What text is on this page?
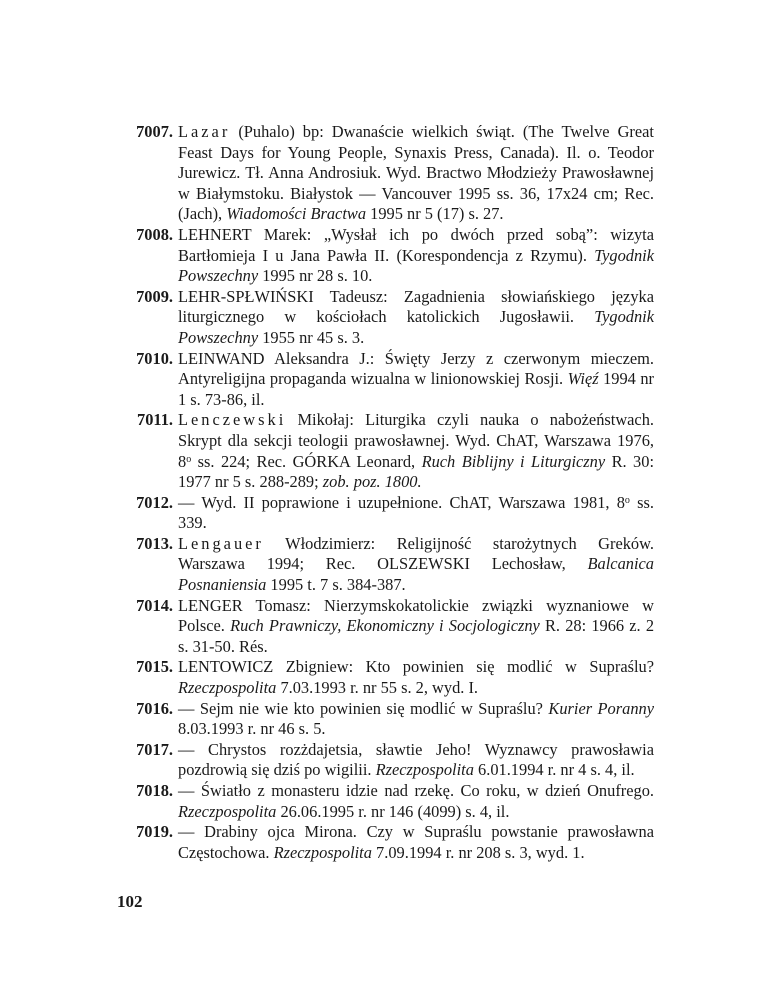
7007. Lazar (Puhalo) bp: Dwanaście wielkich świąt. (The Twelve Great Feast Days for Young People, Synaxis Press, Canada). Il. o. Teodor Jurewicz. Tł. Anna Androsiuk. Wyd. Bractwo Młodzieży Prawosławnej w Białymstoku. Białystok — Vancouver 1995 ss. 36, 17x24 cm; Rec. (Jach), Wiadomości Bractwa 1995 nr 5 (17) s. 27.

7008. LEHNERT Marek: „Wysłał ich po dwóch przed sobą”: wizyta Bartłomieja I u Jana Pawła II. (Korespondencja z Rzymu). Tygodnik Powszechny 1995 nr 28 s. 10.

7009. LEHR-SPŁWIŃSKI Tadeusz: Zagadnienia słowiańskiego języka liturgicznego w kościołach katolickich Jugosławii. Tygodnik Powszechny 1955 nr 45 s. 3.

7010. LEINWAND Aleksandra J.: Święty Jerzy z czerwonym mieczem. Antyreligijna propaganda wizualna w linionowskiej Rosji. Więź 1994 nr 1 s. 73-86, il.

7011. Lenczewski Mikołaj: Liturgika czyli nauka o nabożeństwach. Skrypt dla sekcji teologii prawosławnej. Wyd. ChAT, Warszawa 1976, 8$^o$ ss. 224; Rec. GÓRKA Leonard, Ruch Biblijny i Liturgiczny R. 30: 1977 nr 5 s. 288-289; zob. poz. 1800.

7012. — Wyd. II poprawione i uzupełnione. ChAT, Warszawa 1981, 8$^o$ ss. 339.

7013. Lengauer Włodzimierz: Religijność starożytnych Greków. Warszawa 1994; Rec. OLSZEWSKI Lechosław, Balcanica Posnaniensia 1995 t. 7 s. 384-387.

7014. LENGER Tomasz: Nierzymskokatolickie związki wyznaniowe w Polsce. Ruch Prawniczy, Ekonomiczny i Socjologiczny R. 28: 1966 z. 2 s. 31-50. Rés.

7015. LENTOWICZ Zbigniew: Kto powinien się modlić w Supraślu? Rzeczpospolita 7.03.1993 r. nr 55 s. 2, wyd. I.

7016. — Sejm nie wie kto powinien się modlić w Supraślu? Kurier Poranny 8.03.1993 r. nr 46 s. 5.

7017. — Chrystos rozżdajetsia, sławtie Jeho! Wyznawcy prawosławia pozdrowią się dziś po wigilii. Rzeczpospolita 6.01.1994 r. nr 4 s. 4, il.

7018. — Światło z monasteru idzie nad rzekę. Co roku, w dzień Onufrego. Rzeczpospolita 26.06.1995 r. nr 146 (4099) s. 4, il.

7019. — Drabiny ojca Mirona. Czy w Supraślu powstanie prawosławna Częstochowa. Rzeczpospolita 7.09.1994 r. nr 208 s. 3, wyd. 1.

102
